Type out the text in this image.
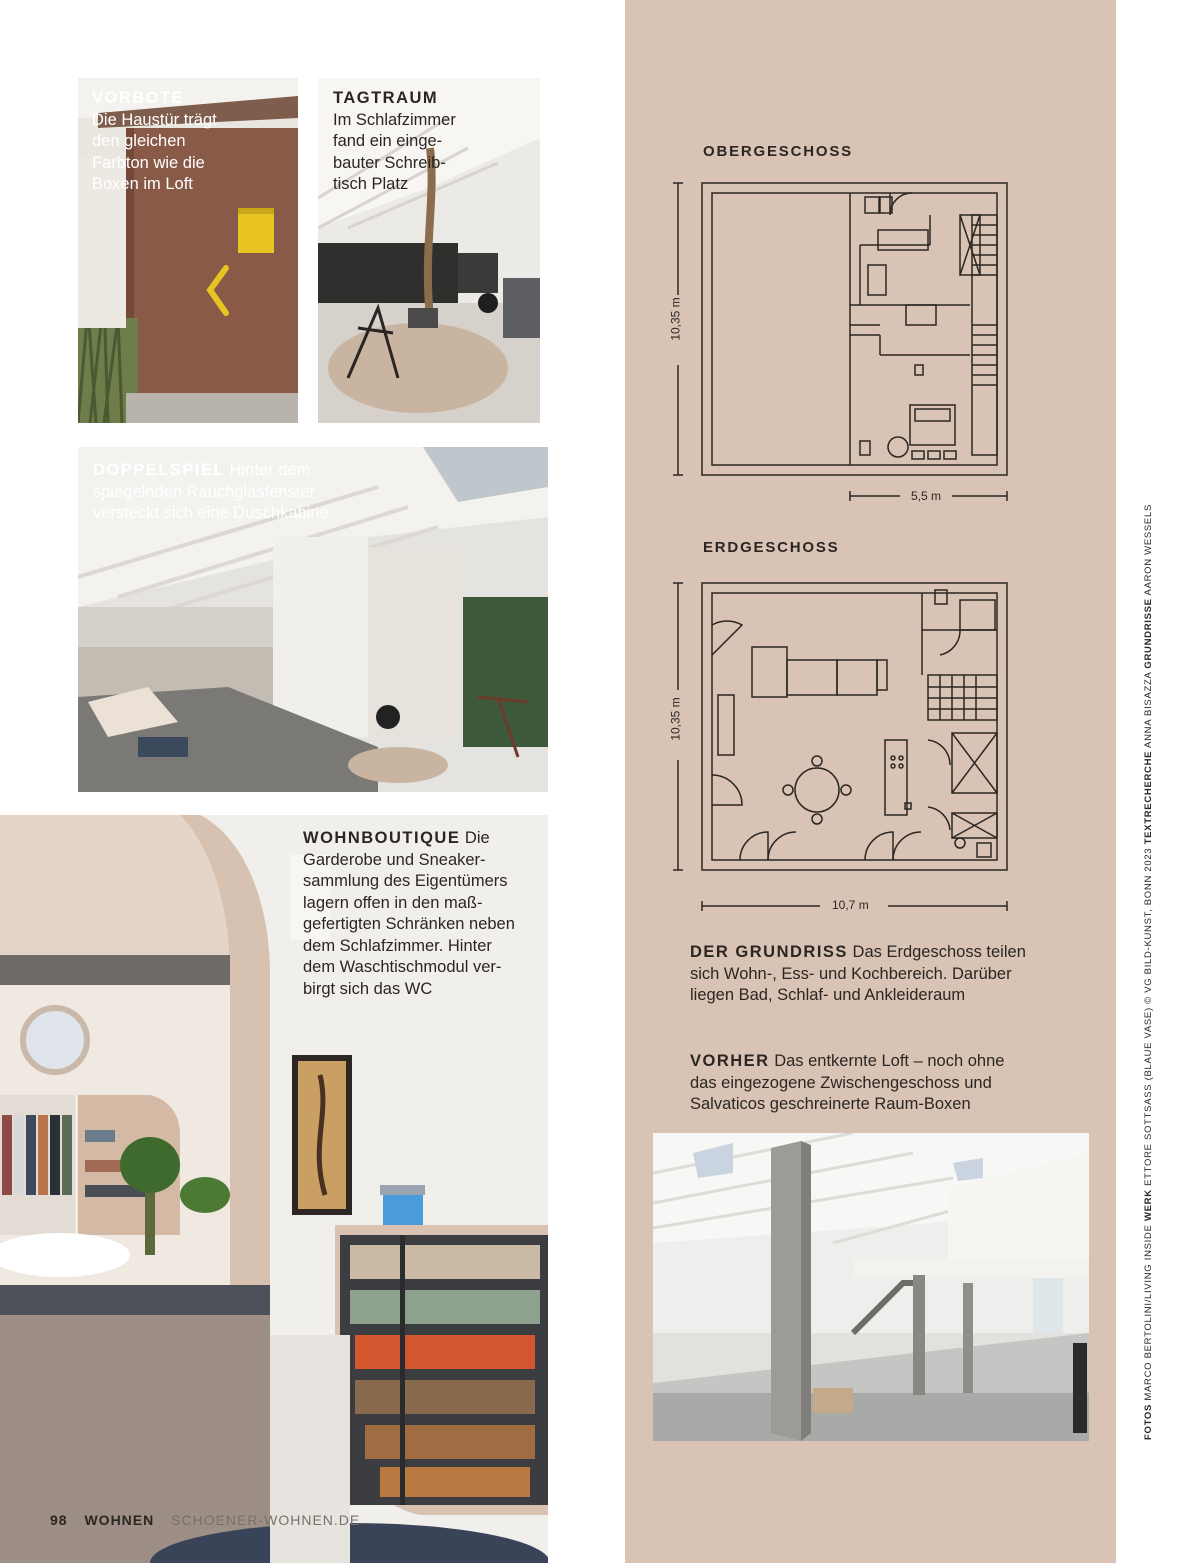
VORBOTE
Die Haustür trägt
den gleichen
Farbton wie die
Boxen im Loft
TAGTRAUM
Im Schlafzimmer
fand ein einge-
bauter Schreib-
tisch Platz
DOPPELSPIEL Hinter dem
spiegelnden Rauchglasfenster
versteckt sich eine Duschkabine
WOHNBOUTIQUE Die
Garderobe und Sneaker-
sammlung des Eigentümers
lagern offen in den maß-
gefertigten Schränken neben
dem Schlafzimmer. Hinter
dem Waschtischmodul ver-
birgt sich das WC
98 WOHNEN SCHOENER-WOHNEN.DE
OBERGESCHOSS
10,35 m
5,5 m
ERDGESCHOSS
10,35 m
10,7 m
DER GRUNDRISS Das Erdgeschoss teilen
sich Wohn-, Ess- und Kochbereich. Darüber
liegen Bad, Schlaf- und Ankleideraum
VORHER Das entkernte Loft – noch ohne
das eingezogene Zwischengeschoss und
Salvaticos geschreinerte Raum-Boxen
FOTOS MARCO BERTOLINI/LIVING INSIDE WERK ETTORE SOTTSASS (BLAUE VASE) © VG BILD-KUNST, BONN 2023 TEXTRECHERCHE ANNA BISAZZA GRUNDRISSE AARON WESSELS
